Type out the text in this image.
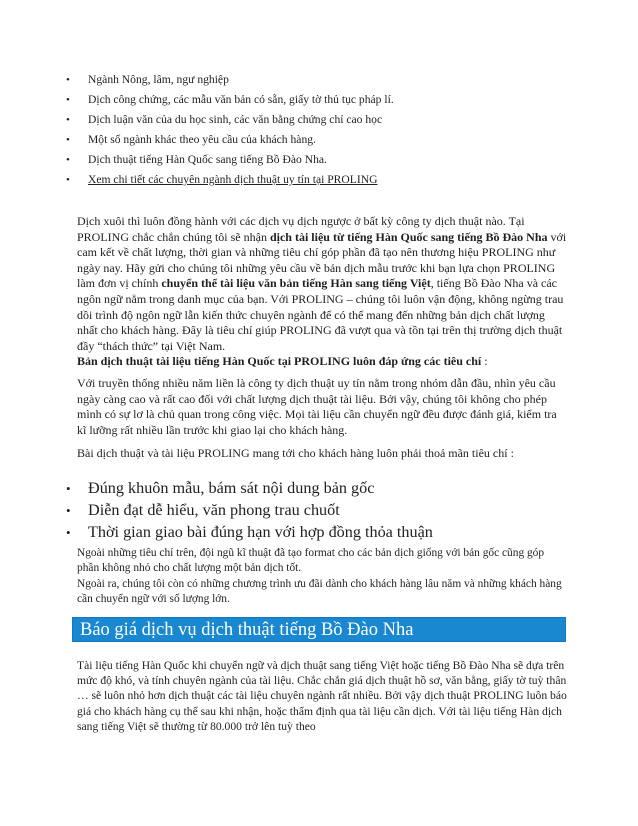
• Ngành Nông, lâm, ngư nghiệp
• Dịch công chứng, các mẫu văn bản có sẵn, giấy tờ thủ tục pháp lí.
• Dịch luận văn của du học sinh, các văn bằng chứng chỉ cao học
• Một số ngành khác theo yêu cầu của khách hàng.
• Dịch thuật tiếng Hàn Quốc sang tiếng Bồ Đào Nha.
• Xem chi tiết các chuyên ngành dịch thuật uy tín tại PROLING

Dịch xuôi thì luôn đồng hành với các dịch vụ dịch ngược ở bất kỳ công ty dịch thuật nào. Tại PROLING chắc chắn chúng tôi sẽ nhận dịch tài liệu từ tiếng Hàn Quốc sang tiếng Bồ Đào Nha với cam kết về chất lượng, thời gian và những tiêu chí góp phần đã tạo nên thương hiệu PROLING như ngày nay. Hãy gửi cho chúng tôi những yêu cầu về bản dịch mẫu trước khi bạn lựa chọn PROLING làm đơn vị chính chuyển thể tài liệu văn bản tiếng Hàn sang tiếng Việt, tiếng Bồ Đào Nha và các ngôn ngữ nằm trong danh mục của bạn. Với PROLING – chúng tôi luôn vận động, không ngừng trau dồi trình độ ngôn ngữ lẫn kiến thức chuyên ngành để có thể mang đến những bản dịch chất lượng nhất cho khách hàng. Đây là tiêu chí giúp PROLING đã vượt qua và tồn tại trên thị trường dịch thuật đầy “thách thức” tại Việt Nam.
Bản dịch thuật tài liệu tiếng Hàn Quốc tại PROLING luôn đáp ứng các tiêu chí :

Với truyền thống nhiều năm liền là công ty dịch thuật uy tín nằm trong nhóm dẫn đầu, nhìn yêu cầu ngày càng cao và rất cao đối với chất lượng dịch thuật tài liệu. Bởi vậy, chúng tôi không cho phép mình có sự lơ là chủ quan trong công việc. Mọi tài liệu cần chuyển ngữ đều được đánh giá, kiểm tra kĩ lưỡng rất nhiều lần trước khi giao lại cho khách hàng.

Bài dịch thuật và tài liệu PROLING mang tới cho khách hàng luôn phải thoả mãn tiêu chí :

• Đúng khuôn mẫu, bám sát nội dung bản gốc
• Diễn đạt dễ hiểu, văn phong trau chuốt
• Thời gian giao bài đúng hạn với hợp đồng thỏa thuận

Ngoài những tiêu chí trên, đội ngũ kĩ thuật đã tạo format cho các bản dịch giống với bản gốc cũng góp phần không nhỏ cho chất lượng một bản dịch tốt.

Ngoài ra, chúng tôi còn có những chương trình ưu đãi dành cho khách hàng lâu năm và những khách hàng cần chuyển ngữ với số lượng lớn.

Báo giá dịch vụ dịch thuật tiếng Bồ Đào Nha

Tài liệu tiếng Hàn Quốc khi chuyển ngữ và dịch thuật sang tiếng Việt hoặc tiếng Bồ Đào Nha sẽ dựa trên mức độ khó, và tính chuyên ngành của tài liệu. Chắc chắn giá dịch thuật hồ sơ, văn bằng, giấy tờ tuỳ thân … sẽ luôn nhỏ hơn dịch thuật các tài liệu chuyên ngành rất nhiều. Bởi vậy dịch thuật PROLING luôn báo giá cho khách hàng cụ thể sau khi nhận, hoặc thẩm định qua tài liệu cần dịch. Với tài liệu tiếng Hàn dịch sang tiếng Việt sẽ thường từ 80.000 trở lên tuỳ theo
